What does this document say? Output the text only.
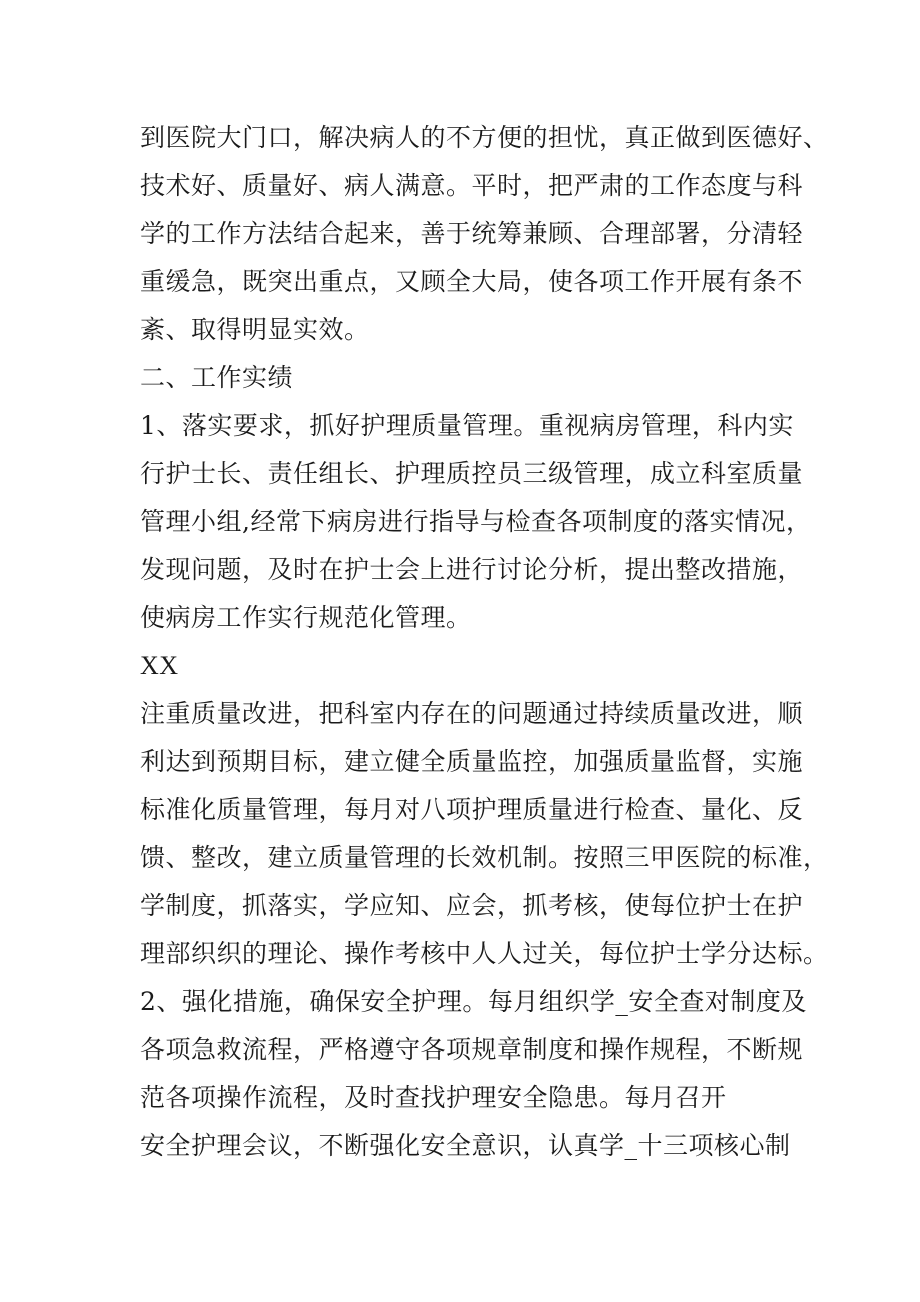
到医院大门口，解决病人的不方便的担忧，真正做到医德好、
技术好、质量好、病人满意。平时，把严肃的工作态度与科
学的工作方法结合起来，善于统筹兼顾、合理部署，分清轻
重缓急，既突出重点，又顾全大局，使各项工作开展有条不
紊、取得明显实效。
二、工作实绩
1、落实要求，抓好护理质量管理。重视病房管理，科内实
行护士长、责任组长、护理质控员三级管理，成立科室质量
管理小组,经常下病房进行指导与检查各项制度的落实情况，
发现问题，及时在护士会上进行讨论分析，提出整改措施，
使病房工作实行规范化管理。
XX
注重质量改进，把科室内存在的问题通过持续质量改进，顺
利达到预期目标，建立健全质量监控，加强质量监督，实施
标准化质量管理，每月对八项护理质量进行检查、量化、反
馈、整改，建立质量管理的长效机制。按照三甲医院的标准，
学制度，抓落实，学应知、应会，抓考核，使每位护士在护
理部织织的理论、操作考核中人人过关，每位护士学分达标。
2、强化措施，确保安全护理。每月组织学_安全查对制度及
各项急救流程，严格遵守各项规章制度和操作规程，不断规
范各项操作流程，及时查找护理安全隐患。每月召开
安全护理会议，不断强化安全意识，认真学_十三项核心制
